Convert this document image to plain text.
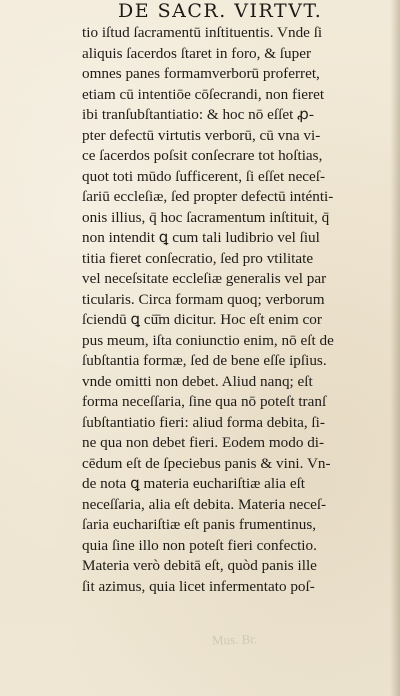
DE SACR. VIRTVT.
tio iſtud ſacramentū inſtituentis. Vnde ſi
aliquis ſacerdos ſtaret in foro, & ſuper
omnes panes formamverborū proferret,
etiam cū intentiōe cōſecrandi, non fieret
ibi tranſubſtantiatio: & hoc nō eſſet ꝓ-
pter defectū virtutis verborū, cū vna vi-
ce ſacerdos poſsit conſecrare tot hoſtias,
quot toti mūdo ſufficerent, ſi eſſet neceſ-
ſariū eccleſiæ, ſed propter defectū inténti-
onis illius, q̄ hoc ſacramentum inſtituit, q̄
non intendit ꝗ cum tali ludibrio vel ſiul
titia fieret conſecratio, ſed pro vtilitate
vel neceſsitate eccleſiæ generalis vel par
ticularis. Circa formam quoq; verborum
ſciendū ꝗ cū̄m dicitur. Hoc eſt enim cor
pus meum, iſta coniunctio enim, nō eſt de
ſubſtantia formæ, ſed de bene eſſe ipſius.
vnde omitti non debet. Aliud nanq; eſt
forma neceſſaria, ſine qua nō poteſt tranſ
ſubſtantiatio fieri: aliud forma debita, ſi-
ne qua non debet fieri. Eodem modo di-
cēdum eſt de ſpeciebus panis & vini. Vn-
de nota ꝗ materia euchariſtiæ alia eſt
neceſſaria, alia eſt debita. Materia neceſ-
ſaria euchariſtiæ eſt panis frumentinus,
quia ſine illo non poteſt fieri confectio.
Materia verò debitā eſt, quòd panis ille
ſit azimus, quia licet infermentato poſ-
Mus. Br.
